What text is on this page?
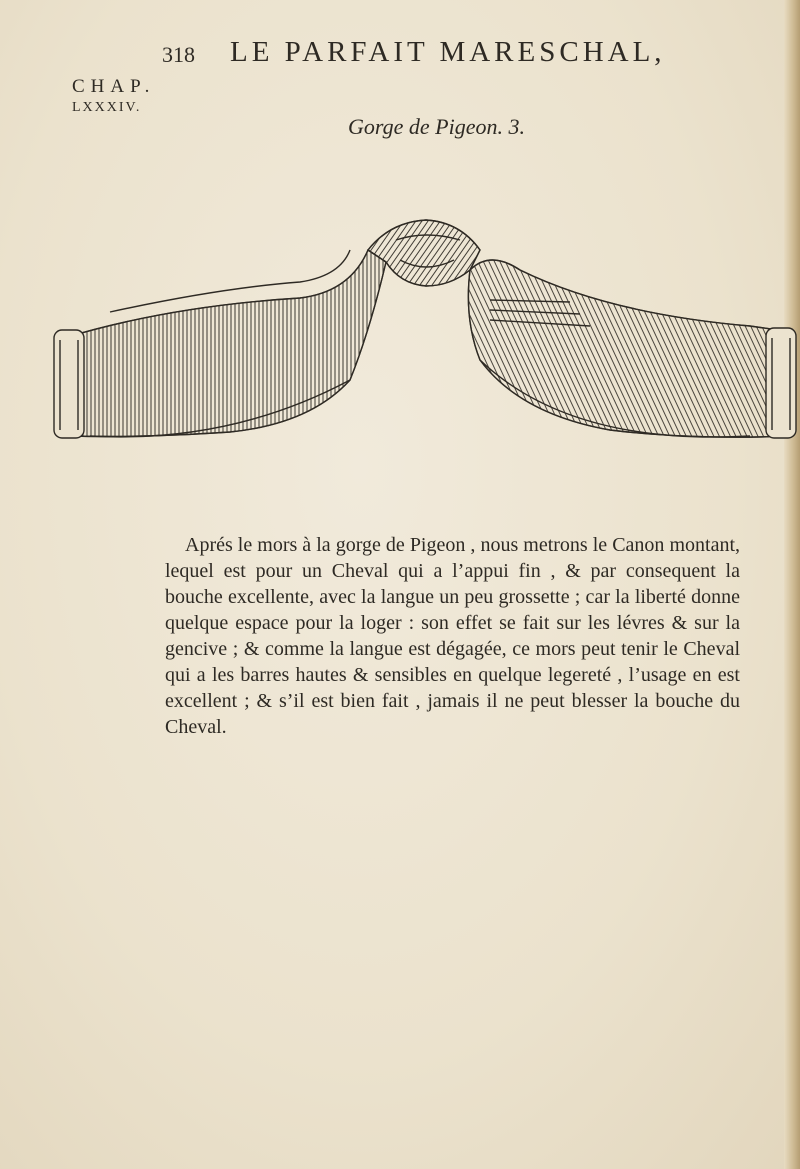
318 LE PARFAIT MARESCHAL,
CHAP.
LXXXIV.
Gorge de Pigeon. 3.

Aprés le mors à la gorge de Pigeon , nous metrons le Canon montant, lequel est pour un Cheval qui a l’appui fin , & par consequent la bouche excellente, avec la langue un peu grossette ; car la liberté donne quelque espace pour la loger : son effet se fait sur les lévres & sur la gencive ; & comme la langue est dégagée, ce mors peut tenir le Cheval qui a les barres hautes & sensibles en quelque legereté , l’usage en est excellent ; & s’il est bien fait , jamais il ne peut blesser la bouche du Cheval.
